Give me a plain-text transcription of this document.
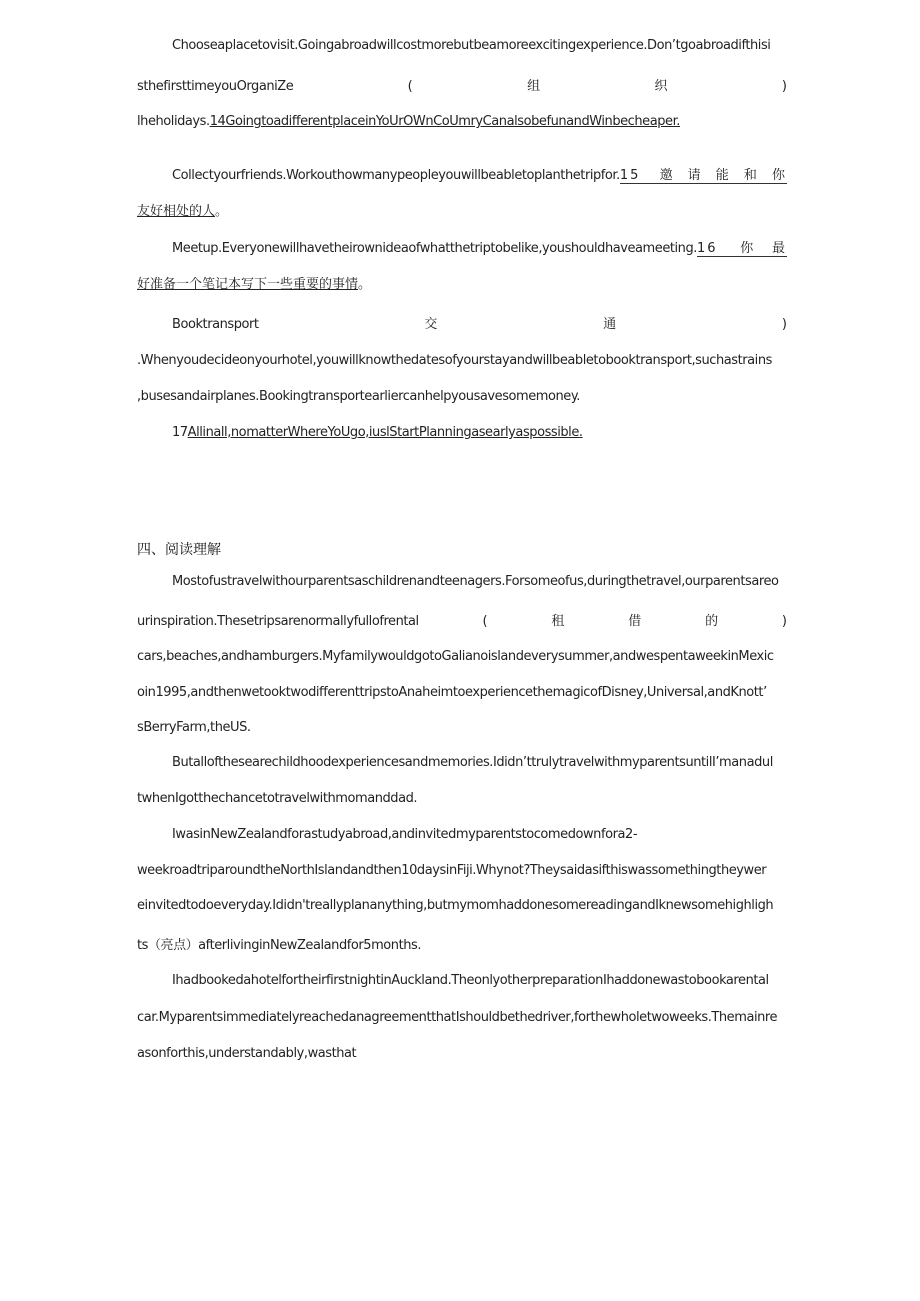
Chooseaplacetovisit.Goingabroadwillcostmorebutbeamoreexcitingexperience.Don’tgoabroadifthisi
sthefirsttimeyouOrganiZe	(	组	织	)
lheholidays.14GoingtoadifferentplaceinYoUrOWnCoUmryCanalsobefunandWinbecheaper.
Collectyourfriends.Workouthowmanypeopleyouwillbeabletoplanthetripfor. 15 邀请能和你
友好相处的人。
Meetup.Everyonewillhavetheirownideaofwhatthetriptobelike,youshouldhaveameeting. 16 你最
好准备一个笔记本写下一些重要的事情。
Booktransport	交	通	)
.Whenyoudecideonyourhotel,youwillknowthedatesofyourstayandwillbeabletobooktransport,suchastrains
,busesandairplanes.Bookingtransportearliercanhelpyousavesomemoney.
17Allinall,nomatterWhereYoUgo,iuslStartPlanningasearlyaspossible.
四、阅读理解
Mostofustravelwithourparentsaschildrenandteenagers.Forsomeofus,duringthetravel,ourparentsareo
urinspiration.Thesetripsarenormallyfullofrental	(	租	借	的	)
cars,beaches,andhamburgers.MyfamilywouldgotoGalianoislandeverysummer,andwespentaweekinMexic
oin1995,andthenwetooktwodifferenttripstoAnaheimtoexperiencethemagicofDisney,Universal,andKnott’
sBerryFarm,theUS.
Butallofthesearechildhoodexperiencesandmemories.Ididn’ttrulytravelwithmyparentsuntilI’manadul
twhenIgotthechancetotravelwithmomanddad.
IwasinNewZealandforastudyabroad,andinvitedmyparentstocomedownfora2-
weekroadtriparoundtheNorthIslandandthen10daysinFiji.Whynot?Theysaidasifthiswassomethingtheywer
einvitedtodoeveryday.Ididn'treallyplananything,butmymomhaddonesomereadingandIknewsomehighligh
ts（亮点）afterlivinginNewZealandfor5months.
IhadbookedahotelfortheirfirstnightinAuckland.TheonlyotherpreparationIhaddonewastobookarental
car.MyparentsimmediatelyreachedanagreementthatIshouldbethedriver,forthewholetwoweeks.Themainre
asonforthis,understandably,wasthat
